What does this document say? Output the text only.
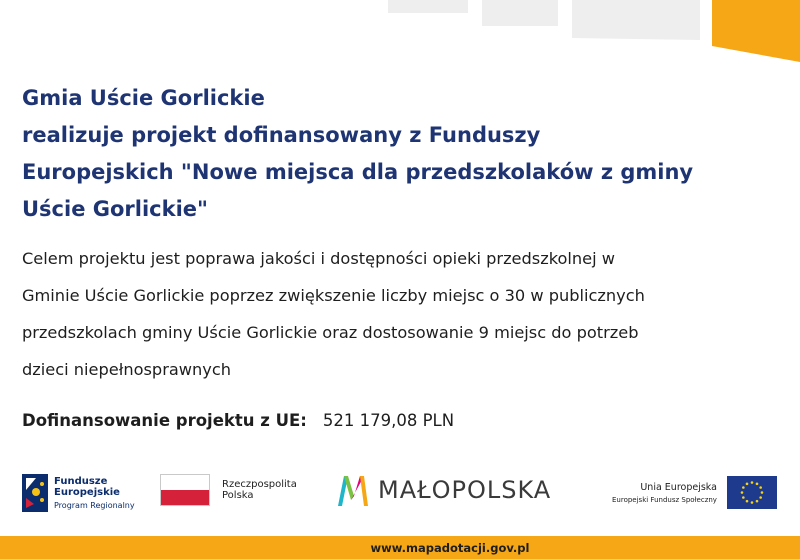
Gmia Uście Gorlickie
realizuje projekt dofinansowany z Funduszy
Europejskich "Nowe miejsca dla przedszkolaków z gminy
Uście Gorlickie"
Celem projektu jest poprawa jakości i dostępności opieki przedszkolnej w
Gminie Uście Gorlickie poprzez zwiększenie liczby miejsc o 30 w publicznych
przedszkolach gminy Uście Gorlickie oraz dostosowanie 9 miejsc do potrzeb
dzieci niepełnosprawnych
Dofinansowanie projektu z UE: 521 179,08 PLN
Fundusze
Europejskie
Program Regionalny
Rzeczpospolita
Polska	MAŁOPOLSKA	Unia Europejska
Europejski Fundusz Społeczny
www.mapadotacji.gov.pl
